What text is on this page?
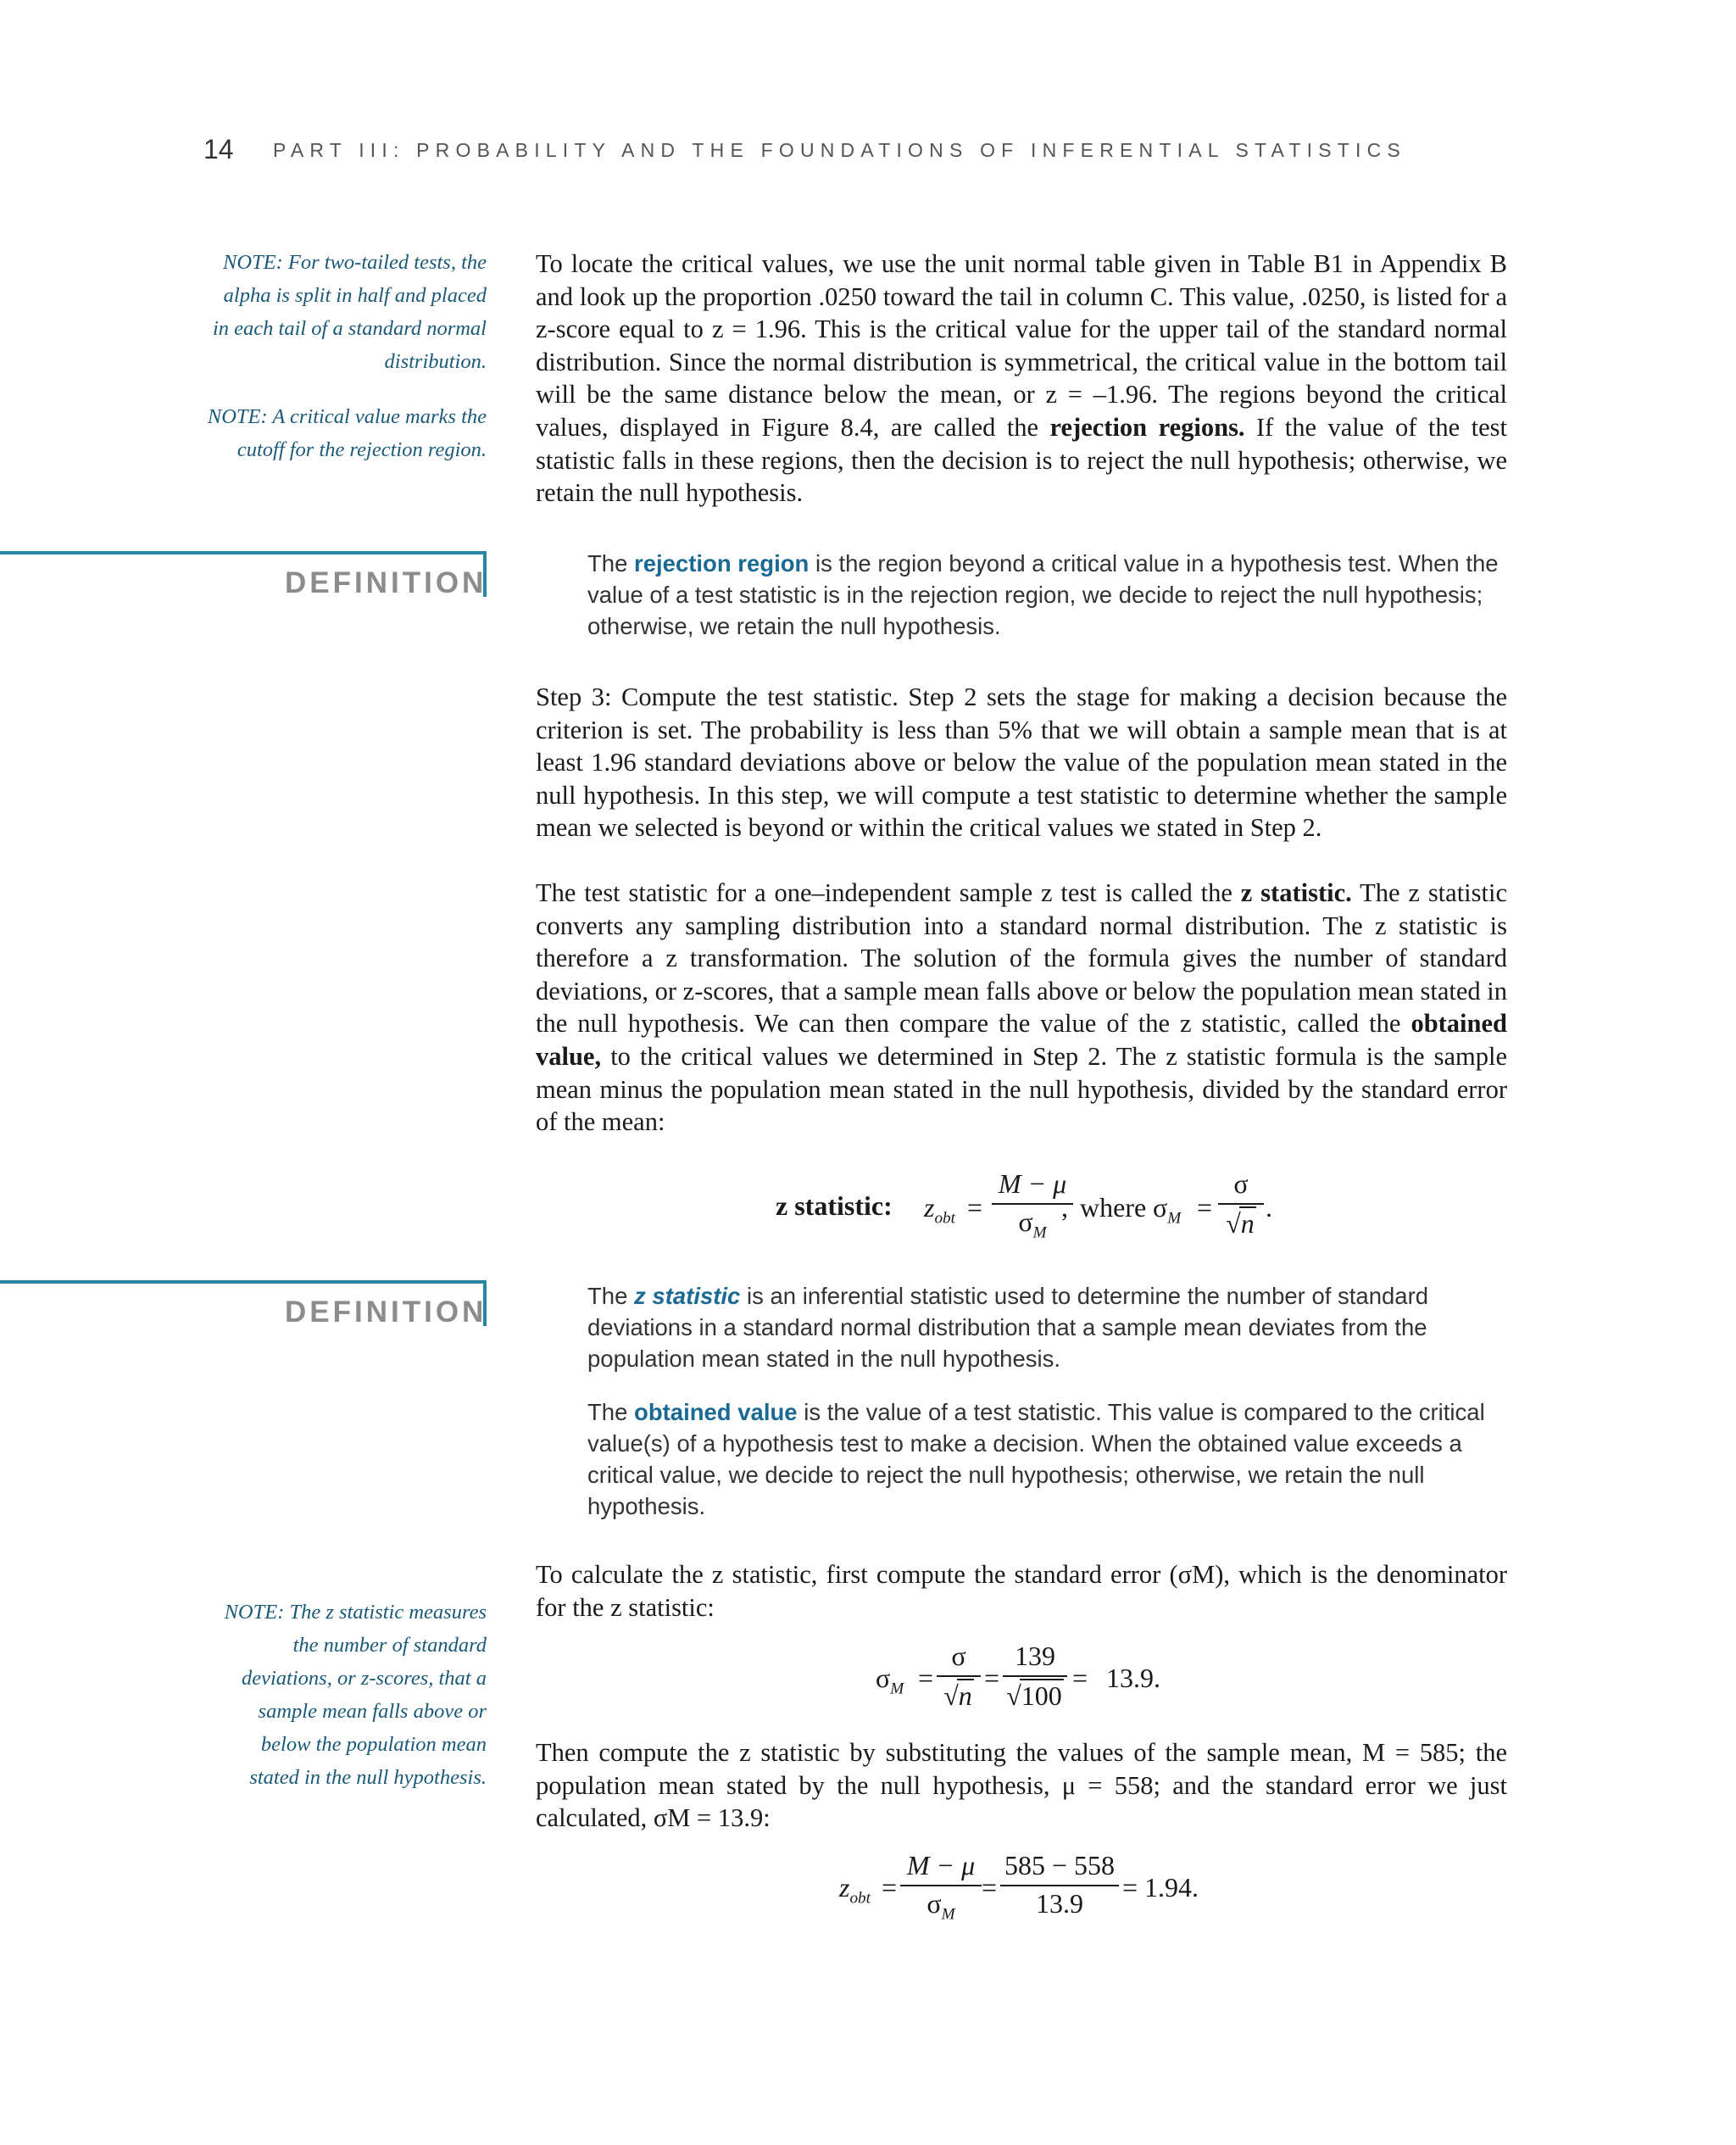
14 PART III: PROBABILITY AND THE FOUNDATIONS OF INFERENTIAL STATISTICS
NOTE: For two-tailed tests, the alpha is split in half and placed in each tail of a standard normal distribution.
NOTE: A critical value marks the cutoff for the rejection region.
NOTE: The z statistic measures the number of standard deviations, or z-scores, that a sample mean falls above or below the population mean stated in the null hypothesis.
DEFINITION
DEFINITION
To locate the critical values, we use the unit normal table given in Table B1 in Appendix B and look up the proportion .0250 toward the tail in column C. This value, .0250, is listed for a z-score equal to z = 1.96. This is the critical value for the upper tail of the standard normal distribution. Since the normal distribution is symmetrical, the critical value in the bottom tail will be the same distance below the mean, or z = –1.96. The regions beyond the critical values, displayed in Figure 8.4, are called the rejection regions. If the value of the test statistic falls in these regions, then the decision is to reject the null hypothesis; otherwise, we retain the null hypothesis.
The rejection region is the region beyond a critical value in a hypothesis test. When the value of a test statistic is in the rejection region, we decide to reject the null hypothesis; otherwise, we retain the null hypothesis.
Step 3: Compute the test statistic. Step 2 sets the stage for making a decision because the criterion is set. The probability is less than 5% that we will obtain a sample mean that is at least 1.96 standard deviations above or below the value of the population mean stated in the null hypothesis. In this step, we will compute a test statistic to determine whether the sample mean we selected is beyond or within the critical values we stated in Step 2.
The test statistic for a one–independent sample z test is called the z statistic. The z statistic converts any sampling distribution into a standard normal distribution. The z statistic is therefore a z transformation. The solution of the formula gives the number of standard deviations, or z-scores, that a sample mean falls above or below the population mean stated in the null hypothesis. We can then compare the value of the z statistic, called the obtained value, to the critical values we determined in Step 2. The z statistic formula is the sample mean minus the population mean stated in the null hypothesis, divided by the standard error of the mean:
z statistic: $z_{obt}$ =
M − μ
$\sigma_M$
, where $\sigma_M$ =
σ
√n
.
The z statistic is an inferential statistic used to determine the number of standard deviations in a standard normal distribution that a sample mean deviates from the population mean stated in the null hypothesis.
The obtained value is the value of a test statistic. This value is compared to the critical value(s) of a hypothesis test to make a decision. When the obtained value exceeds a critical value, we decide to reject the null hypothesis; otherwise, we retain the null hypothesis.
To calculate the z statistic, first compute the standard error (σM), which is the denominator for the z statistic:
$\sigma_M$ =
σ
√n
=
139
√100
= 13.9.
Then compute the z statistic by substituting the values of the sample mean, M = 585; the population mean stated by the null hypothesis, μ = 558; and the standard error we just calculated, σM = 13.9:
$z_{obt}$ =
M − μ
$\sigma_M$
=
585 − 558
13.9
= 1.94.
